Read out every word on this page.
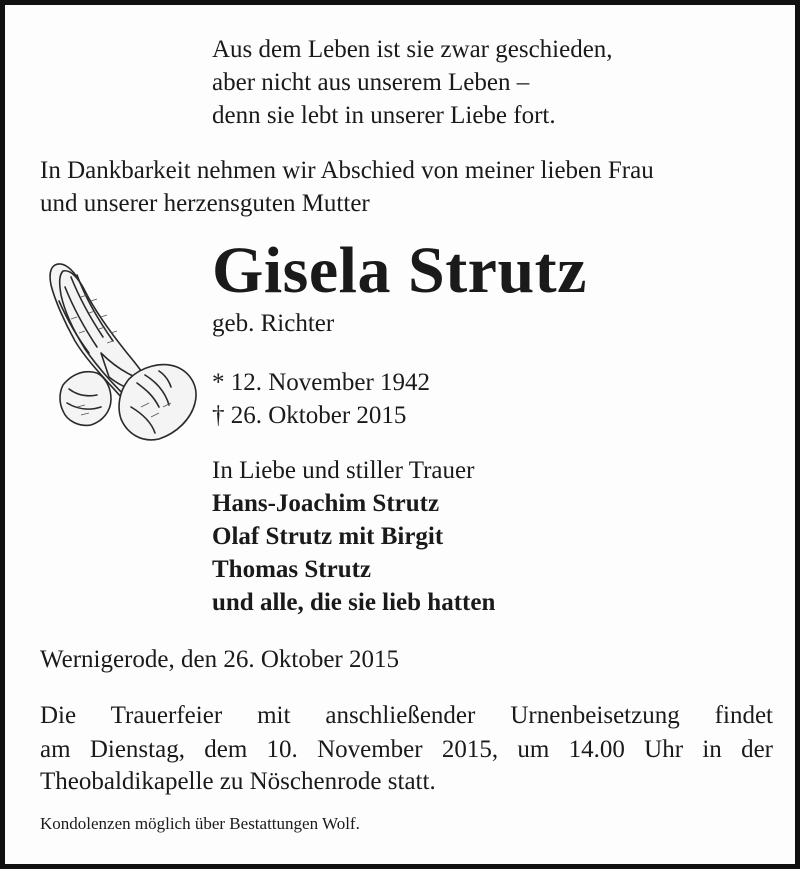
Aus dem Leben ist sie zwar geschieden,
aber nicht aus unserem Leben –
denn sie lebt in unserer Liebe fort.
In Dankbarkeit nehmen wir Abschied von meiner lieben Frau
und unserer herzensguten Mutter
Gisela Strutz
geb. Richter
* 12. November 1942
† 26. Oktober 2015
In Liebe und stiller Trauer
Hans-Joachim Strutz
Olaf Strutz mit Birgit
Thomas Strutz
und alle, die sie lieb hatten
Wernigerode, den 26. Oktober 2015
Die Trauerfeier mit anschließender Urnenbeisetzung findet
am Dienstag, dem 10. November 2015, um 14.00 Uhr in der
Theobaldikapelle zu Nöschenrode statt.
Kondolenzen möglich über Bestattungen Wolf.
